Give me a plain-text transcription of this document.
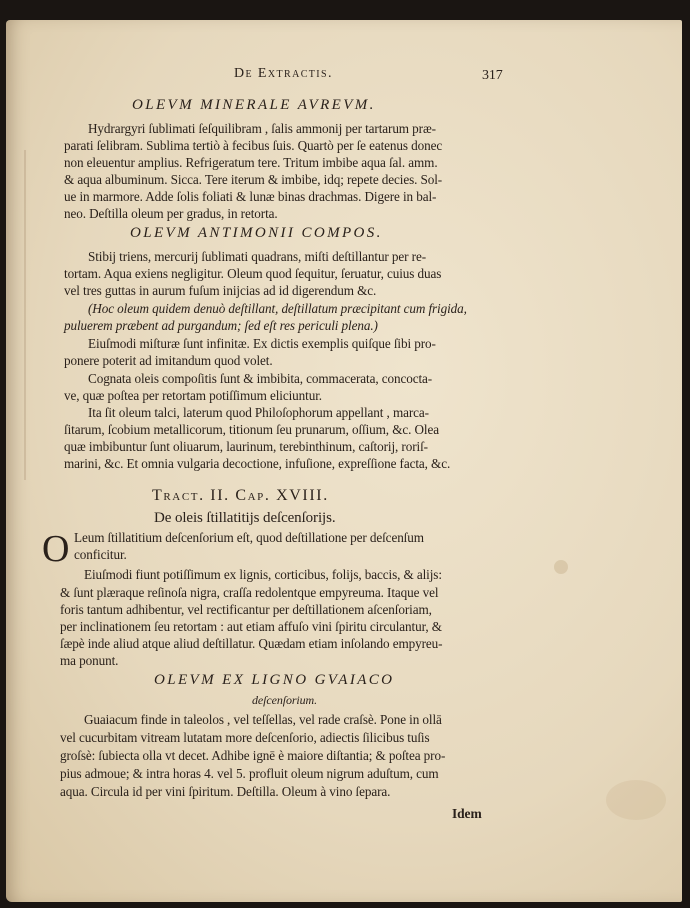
De Extractis.	317
OLEVM MINERALE AVREVM.
Hydrargyri ſublimati ſeſquilibram , ſalis ammonij per tartarum præ-
parati ſelibram. Sublima tertiò à fecibus ſuis. Quartò per ſe eatenus donec
non eleuentur amplius. Refrigeratum tere. Tritum imbibe aqua ſal. amm.
& aqua albuminum. Sicca. Tere iterum & imbibe, idq; repete decies. Sol-
ue in marmore. Adde ſolis foliati & lunæ binas drachmas. Digere in bal-
neo. Deſtilla oleum per gradus, in retorta.
OLEVM ANTIMONII COMPOS.
Stibij triens, mercurij ſublimati quadrans, miſti deſtillantur per re-
tortam. Aqua exiens negligitur. Oleum quod ſequitur, ſeruatur, cuius duas
vel tres guttas in aurum fuſum inijcias ad id digerendum &c.
(Hoc oleum quidem denuò deſtillant, deſtillatum præcipitant cum frigida,
puluerem præbent ad purgandum; ſed eſt res periculi plena.)
Eiuſmodi miſturæ ſunt infinitæ. Ex dictis exemplis quiſque ſibi pro-
ponere poterit ad imitandum quod volet.
Cognata oleis compoſitis ſunt & imbibita, commacerata, concocta-
ve, quæ poſtea per retortam potiſſimum eliciuntur.
Ita ſit oleum talci, laterum quod Philoſophorum appellant , marca-
ſitarum, ſcobium metallicorum, titionum ſeu prunarum, oſſium, &c. Olea
quæ imbibuntur ſunt oliuarum, laurinum, terebinthinum, caſtorij, roriſ-
marini, &c. Et omnia vulgaria decoctione, infuſione, expreſſione facta, &c.
Tract. II. Cap. XVIII.
De oleis ſtillatitijs deſcenſorijs.
O Leum ſtillatitium deſcenſorium eſt, quod deſtillatione per deſcenſum
conficitur.
Eiuſmodi fiunt potiſſimum ex lignis, corticibus, folijs, baccis, & alijs:
& ſunt plæraque reſinoſa nigra, craſſa redolentque empyreuma. Itaque vel
foris tantum adhibentur, vel rectificantur per deſtillationem aſcenſoriam,
per inclinationem ſeu retortam : aut etiam affuſo vini ſpiritu circulantur, &
ſæpè inde aliud atque aliud deſtillatur. Quædam etiam inſolando empyreu-
ma ponunt.
OLEVM EX LIGNO GVAIACO
deſcenſorium.
Guaiacum finde in taleolos , vel teſſellas, vel rade craſsè. Pone in ollā
vel cucurbitam vitream lutatam more deſcenſorio, adiectis ſilicibus tuſis
groſsè: ſubiecta olla vt decet. Adhibe ignē è maiore diſtantia; & poſtea pro-
pius admoue; & intra horas 4. vel 5. profluit oleum nigrum aduſtum, cum
aqua. Circula id per vini ſpiritum. Deſtilla. Oleum à vino ſepara.
Idem
